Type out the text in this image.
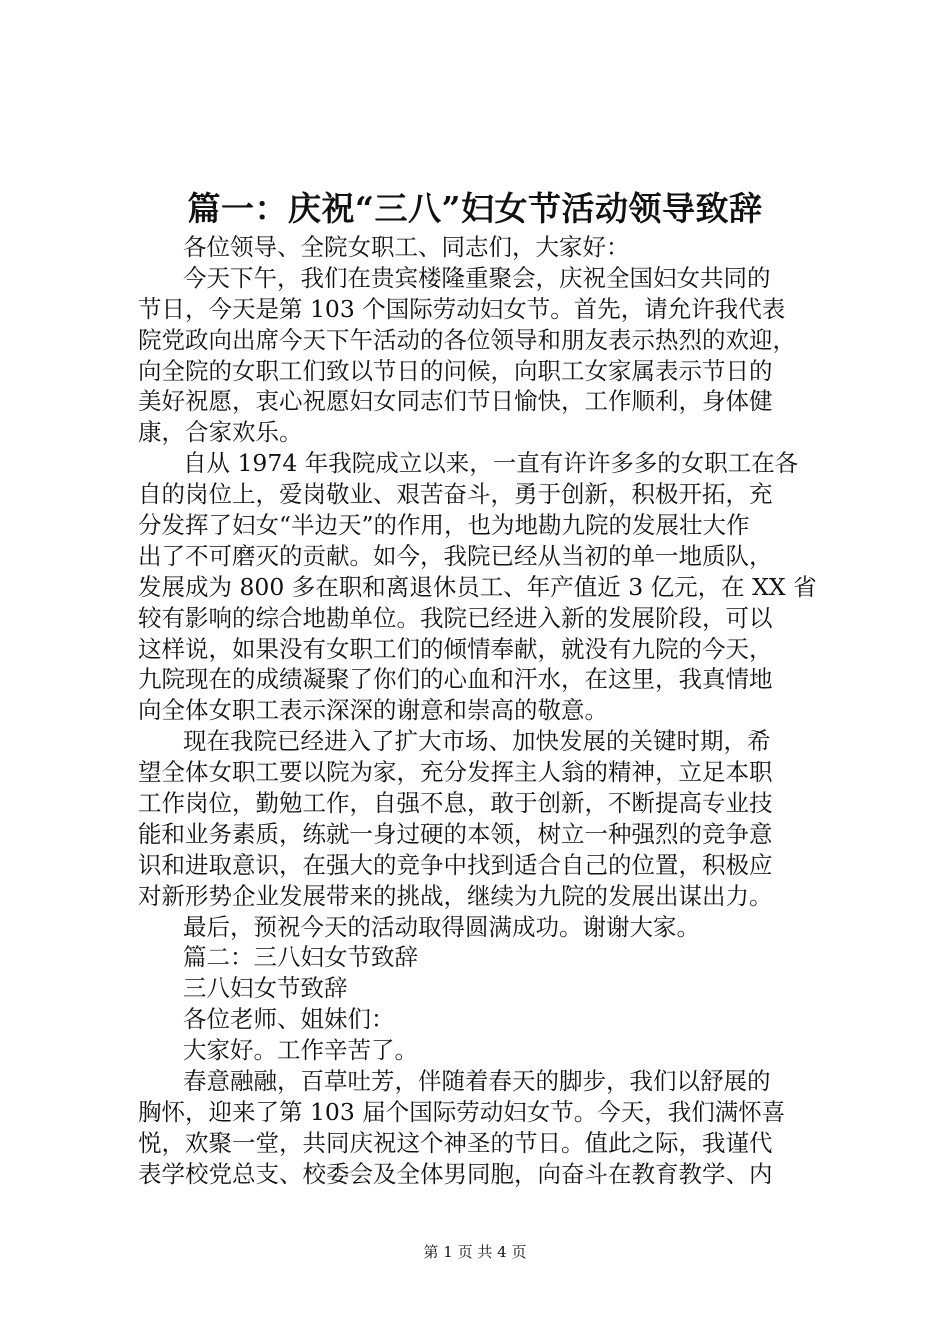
篇一：庆祝“三八”妇女节活动领导致辞
各位领导、全院女职工、同志们，大家好：
今天下午，我们在贵宾楼隆重聚会，庆祝全国妇女共同的
节日，今天是第 103 个国际劳动妇女节。首先，请允许我代表
院党政向出席今天下午活动的各位领导和朋友表示热烈的欢迎，
向全院的女职工们致以节日的问候，向职工女家属表示节日的
美好祝愿，衷心祝愿妇女同志们节日愉快，工作顺利，身体健
康，合家欢乐。
自从 1974 年我院成立以来，一直有许许多多的女职工在各
自的岗位上，爱岗敬业、艰苦奋斗，勇于创新，积极开拓，充
分发挥了妇女“半边天”的作用，也为地勘九院的发展壮大作
出了不可磨灭的贡献。如今，我院已经从当初的单一地质队，
发展成为 800 多在职和离退休员工、年产值近 3 亿元，在 XX 省
较有影响的综合地勘单位。我院已经进入新的发展阶段，可以
这样说，如果没有女职工们的倾情奉献，就没有九院的今天，
九院现在的成绩凝聚了你们的心血和汗水，在这里，我真情地
向全体女职工表示深深的谢意和崇高的敬意。
现在我院已经进入了扩大市场、加快发展的关键时期，希
望全体女职工要以院为家，充分发挥主人翁的精神，立足本职
工作岗位，勤勉工作，自强不息，敢于创新，不断提高专业技
能和业务素质，练就一身过硬的本领，树立一种强烈的竞争意
识和进取意识，在强大的竞争中找到适合自己的位置，积极应
对新形势企业发展带来的挑战，继续为九院的发展出谋出力。
最后，预祝今天的活动取得圆满成功。谢谢大家。
篇二：三八妇女节致辞
三八妇女节致辞
各位老师、姐妹们：
大家好。工作辛苦了。
春意融融，百草吐芳，伴随着春天的脚步，我们以舒展的
胸怀，迎来了第 103 届个国际劳动妇女节。今天，我们满怀喜
悦，欢聚一堂，共同庆祝这个神圣的节日。值此之际，我谨代
表学校党总支、校委会及全体男同胞，向奋斗在教育教学、内
第 1 页 共 4 页
